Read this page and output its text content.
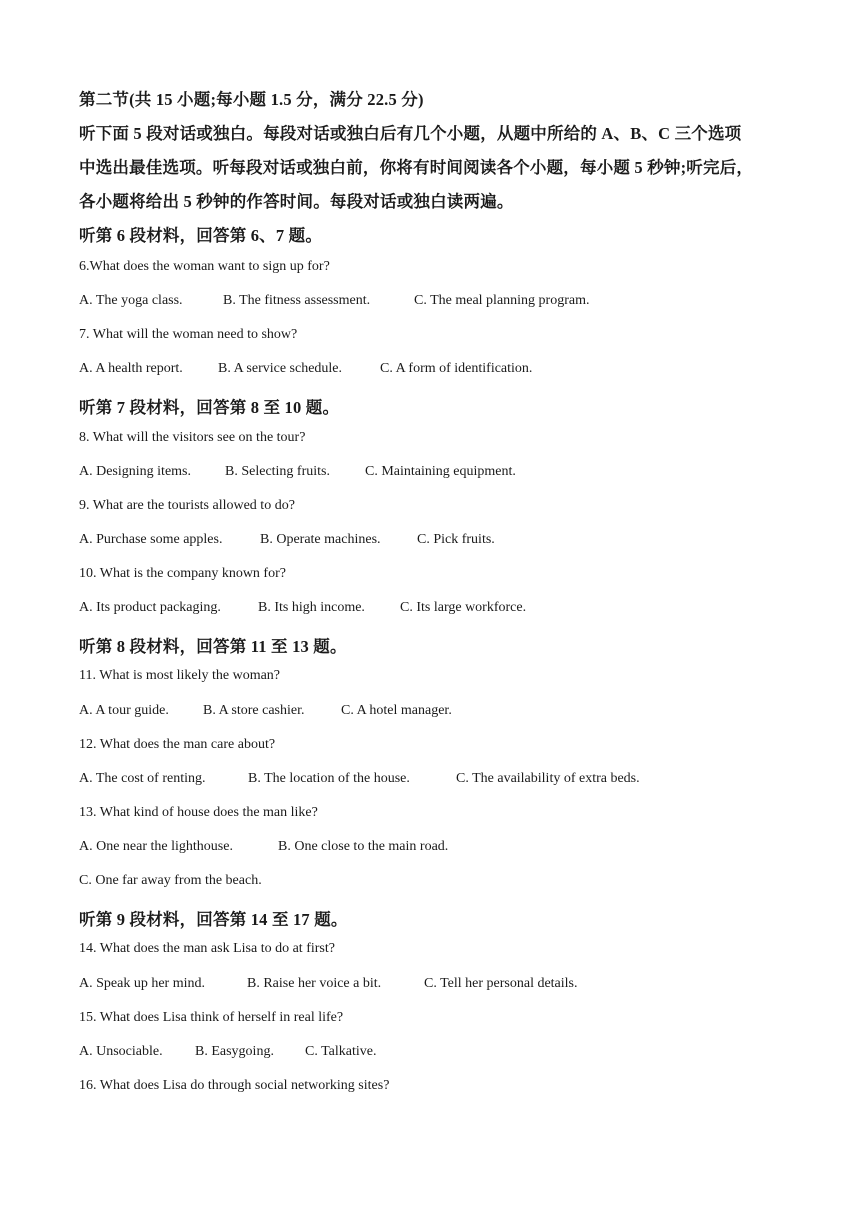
第二节(共 15 小题;每小题 1.5 分，满分 22.5 分)
听下面 5 段对话或独白。每段对话或独白后有几个小题，从题中所给的 A、B、C 三个选项
中选出最佳选项。听每段对话或独白前，你将有时间阅读各个小题，每小题 5 秒钟;听完后，
各小题将给出 5 秒钟的作答时间。每段对话或独白读两遍。
听第 6 段材料，回答第 6、7 题。
6.What does the woman want to sign up for?
A. The yoga class.	B. The fitness assessment.	C. The meal planning program.
7. What will the woman need to show?
A. A health report.	B. A service schedule.	C. A form of identification.
听第 7 段材料，回答第 8 至 10 题。
8. What will the visitors see on the tour?
A. Designing items. B. Selecting fruits.	C. Maintaining equipment.
9. What are the tourists allowed to do?
A. Purchase some apples.	B. Operate machines.	C. Pick fruits.
10. What is the company known for?
A. Its product packaging.	B. Its high income.	C. Its large workforce.
听第 8 段材料，回答第 11 至 13 题。
11. What is most likely the woman?
A. A tour guide. B. A store cashier.	C. A hotel manager.
12. What does the man care about?
A. The cost of renting.	B. The location of the house.	C. The availability of extra beds.
13. What kind of house does the man like?
A. One near the lighthouse.	B. One close to the main road.
C. One far away from the beach.
听第 9 段材料，回答第 14 至 17 题。
14. What does the man ask Lisa to do at first?
A. Speak up her mind.	B. Raise her voice a bit.	C. Tell her personal details.
15. What does Lisa think of herself in real life?
A. Unsociable. B. Easygoing. C. Talkative.
16. What does Lisa do through social networking sites?
